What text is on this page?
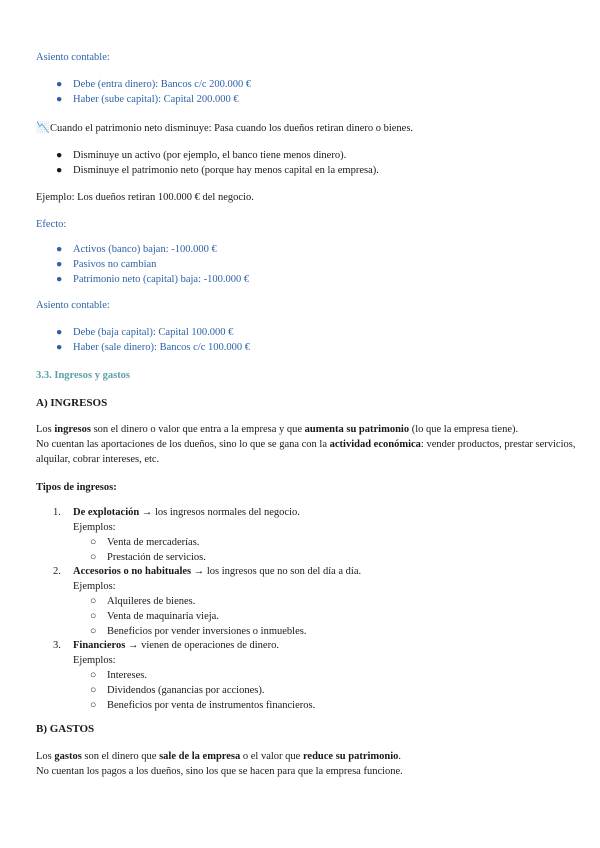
Asiento contable:

● Debe (entra dinero): Bancos c/c 200.000 €
● Haber (sube capital): Capital 200.000 €

📉Cuando el patrimonio neto disminuye: Pasa cuando los dueños retiran dinero o bienes.

● Disminuye un activo (por ejemplo, el banco tiene menos dinero).
● Disminuye el patrimonio neto (porque hay menos capital en la empresa).

Ejemplo: Los dueños retiran 100.000 € del negocio.

Efecto:

● Activos (banco) bajan: -100.000 €
● Pasivos no cambian
● Patrimonio neto (capital) baja: -100.000 €

Asiento contable:

● Debe (baja capital): Capital 100.000 €
● Haber (sale dinero): Bancos c/c 100.000 €

3.3. Ingresos y gastos

A) INGRESOS

Los ingresos son el dinero o valor que entra a la empresa y que aumenta su patrimonio (lo que la empresa tiene).

No cuentan las aportaciones de los dueños, sino lo que se gana con la actividad económica: vender productos, prestar servicios, alquilar, cobrar intereses, etc.

Tipos de ingresos:

1. De explotación → los ingresos normales del negocio.
Ejemplos:
○ Venta de mercaderías.
○ Prestación de servicios.
2. Accesorios o no habituales → los ingresos que no son del día a día.
Ejemplos:
○ Alquileres de bienes.
○ Venta de maquinaria vieja.
○ Beneficios por vender inversiones o inmuebles.
3. Financieros → vienen de operaciones de dinero.
Ejemplos:
○ Intereses.
○ Dividendos (ganancias por acciones).
○ Beneficios por venta de instrumentos financieros.

B) GASTOS

Los gastos son el dinero que sale de la empresa o el valor que reduce su patrimonio.

No cuentan los pagos a los dueños, sino los que se hacen para que la empresa funcione.
